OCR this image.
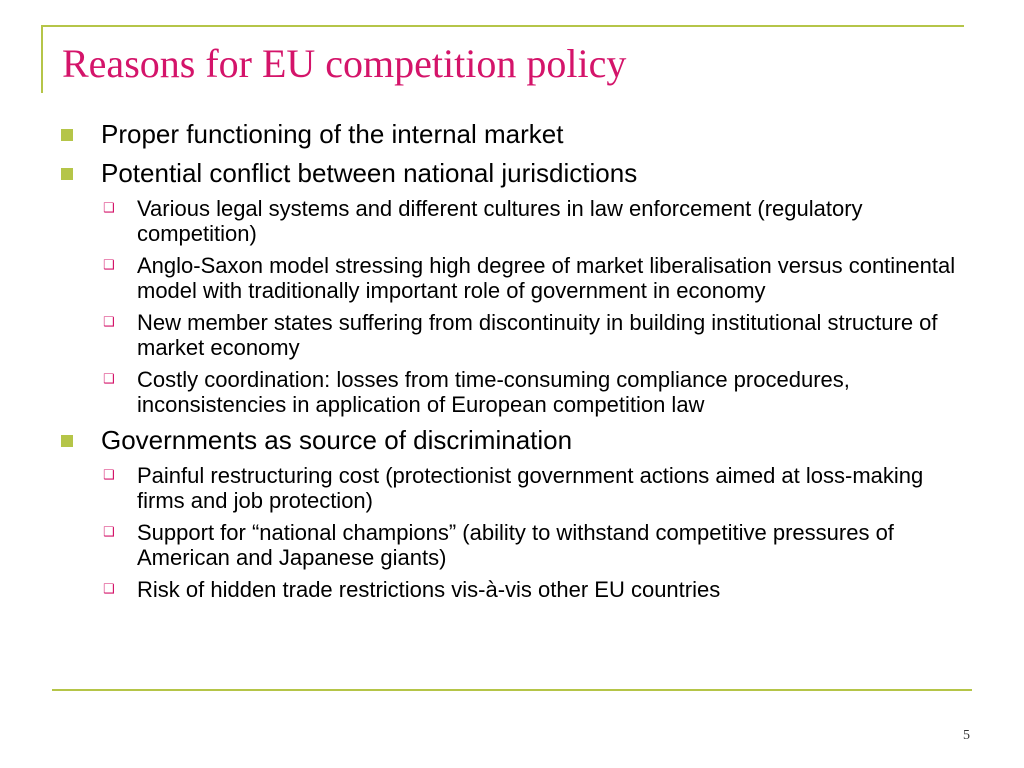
Reasons for EU competition policy
Proper functioning of the internal market
Potential conflict between national jurisdictions
❑ Various legal systems and different cultures in law enforcement (regulatory competition)
❑ Anglo-Saxon model stressing high degree of market liberalisation versus continental model with traditionally important role of government in economy
❑ New member states suffering from discontinuity in building institutional structure of market economy
❑ Costly coordination: losses from time-consuming compliance procedures, inconsistencies in application of European competition law
Governments as source of discrimination
❑ Painful restructuring cost (protectionist government actions aimed at loss-making firms and job protection)
❑ Support for “national champions” (ability to withstand competitive pressures of American and Japanese giants)
❑ Risk of hidden trade restrictions vis-à-vis other EU countries
5
